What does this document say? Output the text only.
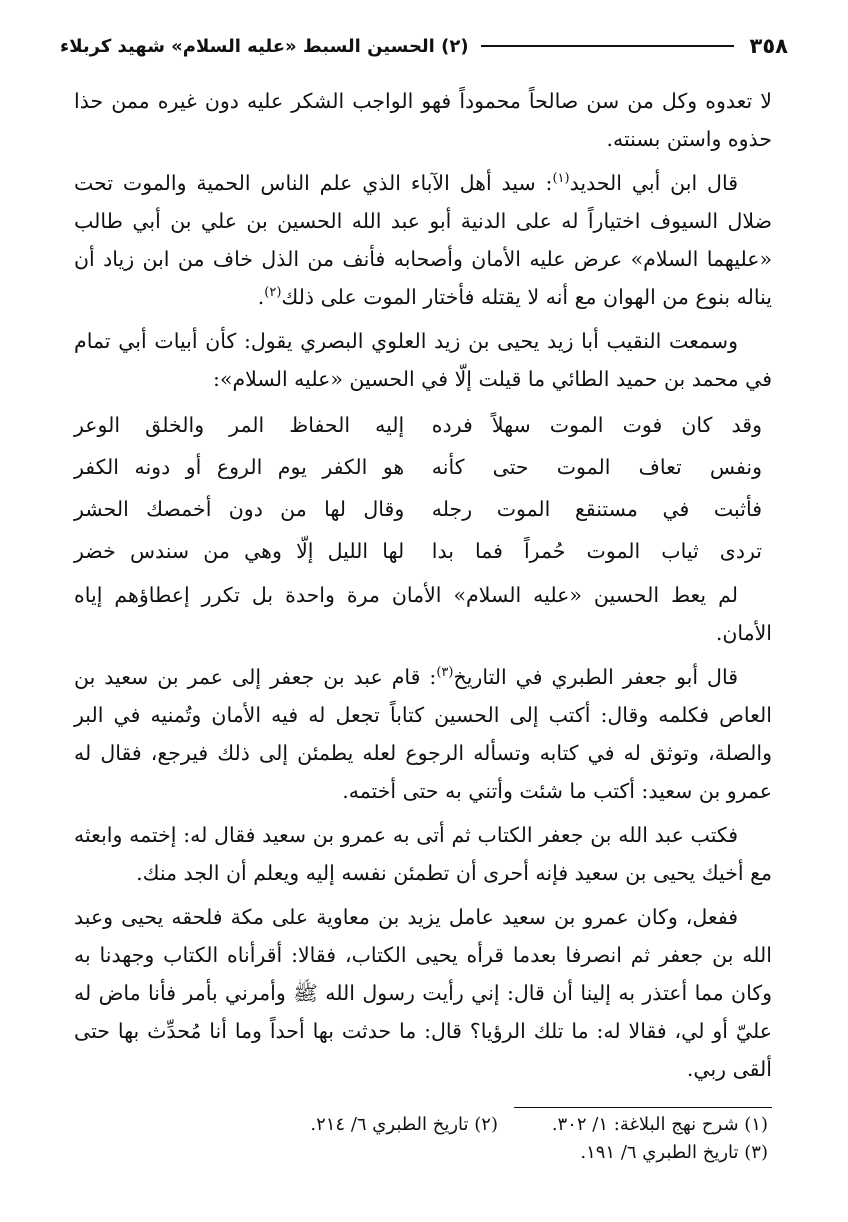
٣٥٨
(٢) الحسين السبط «عليه السلام» شهيد كربلاء

لا تعدوه وكل من سن صالحاً محموداً فهو الواجب الشكر عليه دون غيره ممن حذا حذوه واستن بسنته.

قال ابن أبي الحديد$^{(١)}$: سيد أهل الآباء الذي علم الناس الحمية والموت تحت ضلال السيوف اختياراً له على الدنية أبو عبد الله الحسين بن علي بن أبي طالب «عليهما السلام» عرض عليه الأمان وأصحابه فأنف من الذل خاف من ابن زياد أن يناله بنوع من الهوان مع أنه لا يقتله فأختار الموت على ذلك$^{(٢)}$.

وسمعت النقيب أبا زيد يحيى بن زيد العلوي البصري يقول: كأن أبيات أبي تمام في محمد بن حميد الطائي ما قيلت إلّا في الحسين «عليه السلام»:

وقد كان فوت الموت سهلاً فرده
إليه الحفاظ المر والخلق الوعر
ونفس تعاف الموت حتى كأنه
هو الكفر يوم الروع أو دونه الكفر
فأثبت في مستنقع الموت رجله
وقال لها من دون أخمصك الحشر
تردى ثياب الموت حُمراً فما بدا
لها الليل إلّا وهي من سندس خضر

لم يعط الحسين «عليه السلام» الأمان مرة واحدة بل تكرر إعطاؤهم إياه الأمان.

قال أبو جعفر الطبري في التاريخ$^{(٣)}$: قام عبد بن جعفر إلى عمر بن سعيد بن العاص فكلمه وقال: أكتب إلى الحسين كتاباً تجعل له فيه الأمان وتُمنيه في البر والصلة، وتوثق له في كتابه وتسأله الرجوع لعله يطمئن إلى ذلك فيرجع، فقال له عمرو بن سعيد: أكتب ما شئت وأتني به حتى أختمه.

فكتب عبد الله بن جعفر الكتاب ثم أتى به عمرو بن سعيد فقال له: إختمه وابعثه مع أخيك يحيى بن سعيد فإنه أحرى أن تطمئن نفسه إليه ويعلم أن الجد منك.

ففعل، وكان عمرو بن سعيد عامل يزيد بن معاوية على مكة فلحقه يحيى وعبد الله بن جعفر ثم انصرفا بعدما قرأه يحيى الكتاب، فقالا: أقرأناه الكتاب وجهدنا به وكان مما أعتذر به إلينا أن قال: إني رأيت رسول الله ﷺ وأمرني بأمر فأنا ماض له عليّ أو لي، فقالا له: ما تلك الرؤيا؟ قال: ما حدثت بها أحداً وما أنا مُحدِّث بها حتى ألقى ربي.

(١) شرح نهج البلاغة: ١/ ٣٠٢.
(٢) تاريخ الطبري ٦/ ٢١٤.
(٣) تاريخ الطبري ٦/ ١٩١.
